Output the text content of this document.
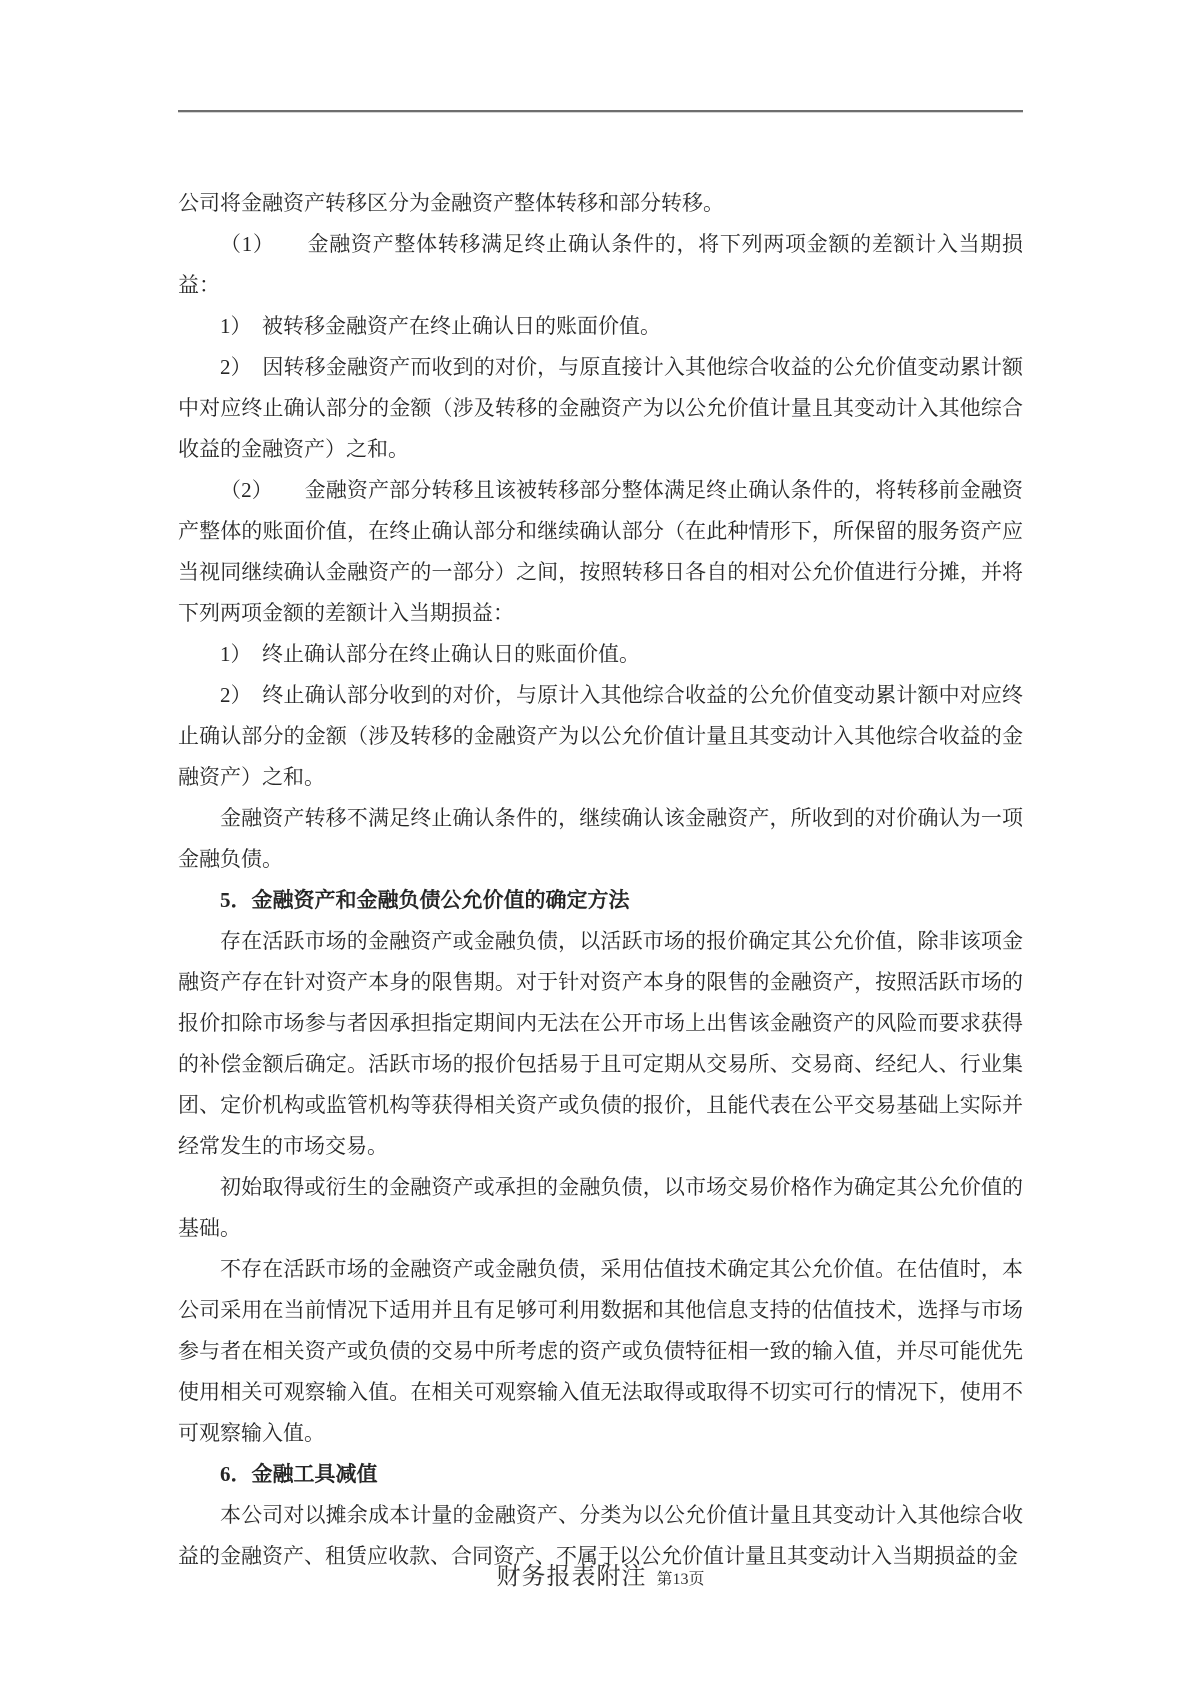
公司将金融资产转移区分为金融资产整体转移和部分转移。

（1）　　金融资产整体转移满足终止确认条件的，将下列两项金额的差额计入当期损益：

1）　被转移金融资产在终止确认日的账面价值。

2）　因转移金融资产而收到的对价，与原直接计入其他综合收益的公允价值变动累计额中对应终止确认部分的金额（涉及转移的金融资产为以公允价值计量且其变动计入其他综合收益的金融资产）之和。

（2）　　金融资产部分转移且该被转移部分整体满足终止确认条件的，将转移前金融资产整体的账面价值，在终止确认部分和继续确认部分（在此种情形下，所保留的服务资产应当视同继续确认金融资产的一部分）之间，按照转移日各自的相对公允价值进行分摊，并将下列两项金额的差额计入当期损益：

1）　终止确认部分在终止确认日的账面价值。

2）　终止确认部分收到的对价，与原计入其他综合收益的公允价值变动累计额中对应终止确认部分的金额（涉及转移的金融资产为以公允价值计量且其变动计入其他综合收益的金融资产）之和。

金融资产转移不满足终止确认条件的，继续确认该金融资产，所收到的对价确认为一项金融负债。

5．金融资产和金融负债公允价值的确定方法

存在活跃市场的金融资产或金融负债，以活跃市场的报价确定其公允价值，除非该项金融资产存在针对资产本身的限售期。对于针对资产本身的限售的金融资产，按照活跃市场的报价扣除市场参与者因承担指定期间内无法在公开市场上出售该金融资产的风险而要求获得的补偿金额后确定。活跃市场的报价包括易于且可定期从交易所、交易商、经纪人、行业集团、定价机构或监管机构等获得相关资产或负债的报价，且能代表在公平交易基础上实际并经常发生的市场交易。

初始取得或衍生的金融资产或承担的金融负债，以市场交易价格作为确定其公允价值的基础。

不存在活跃市场的金融资产或金融负债，采用估值技术确定其公允价值。在估值时，本公司采用在当前情况下适用并且有足够可利用数据和其他信息支持的估值技术，选择与市场参与者在相关资产或负债的交易中所考虑的资产或负债特征相一致的输入值，并尽可能优先使用相关可观察输入值。在相关可观察输入值无法取得或取得不切实可行的情况下，使用不可观察输入值。

6．金融工具减值

本公司对以摊余成本计量的金融资产、分类为以公允价值计量且其变动计入其他综合收益的金融资产、租赁应收款、合同资产、不属于以公允价值计量且其变动计入当期损益的金

财务报表附注 第13页
